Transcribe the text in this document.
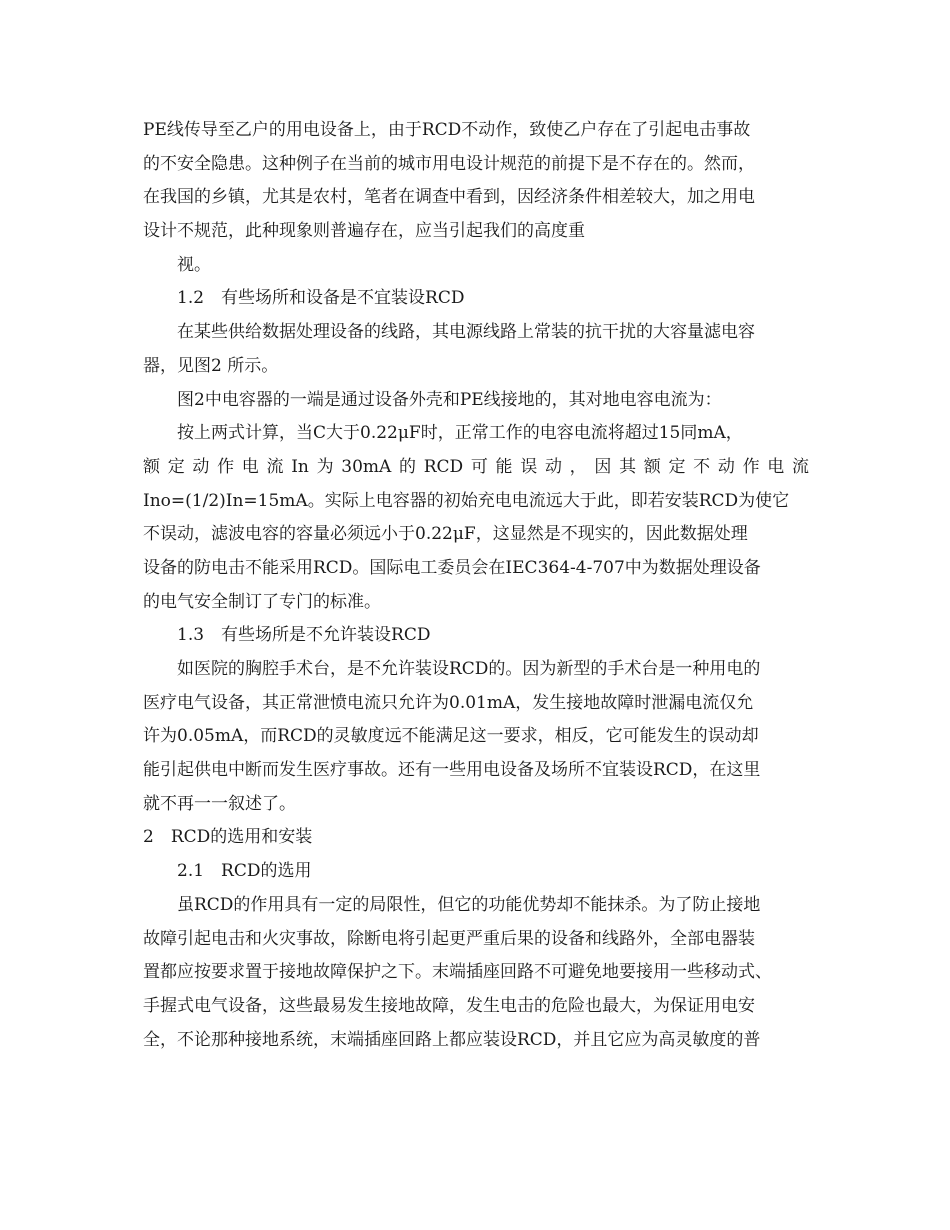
PE线传导至乙户的用电设备上，由于RCD不动作，致使乙户存在了引起电击事故
的不安全隐患。这种例子在当前的城市用电设计规范的前提下是不存在的。然而，
在我国的乡镇，尤其是农村，笔者在调查中看到，因经济条件相差较大，加之用电
设计不规范，此种现象则普遍存在，应当引起我们的高度重
视。
1.2　有些场所和设备是不宜装设RCD
在某些供给数据处理设备的线路，其电源线路上常装的抗干扰的大容量滤电容
器，见图2 所示。
图2中电容器的一端是通过设备外壳和PE线接地的，其对地电容电流为：
按上两式计算，当C大于0.22μF时，正常工作的电容电流将超过15同mA，
额定动作电流In为30mA的RCD可能误动，因其额定不动作电流
Ino=(1/2)In=15mA。实际上电容器的初始充电电流远大于此，即若安装RCD为使它
不误动，滤波电容的容量必须远小于0.22μF，这显然是不现实的，因此数据处理
设备的防电击不能采用RCD。国际电工委员会在IEC364-4-707中为数据处理设备
的电气安全制订了专门的标准。
1.3　有些场所是不允许装设RCD
如医院的胸腔手术台，是不允许装设RCD的。因为新型的手术台是一种用电的
医疗电气设备，其正常泄愤电流只允许为0.01mA，发生接地故障时泄漏电流仅允
许为0.05mA，而RCD的灵敏度远不能满足这一要求，相反，它可能发生的误动却
能引起供电中断而发生医疗事故。还有一些用电设备及场所不宜装设RCD，在这里
就不再一一叙述了。
2　RCD的选用和安装
2.1　RCD的选用
虽RCD的作用具有一定的局限性，但它的功能优势却不能抹杀。为了防止接地
故障引起电击和火灾事故，除断电将引起更严重后果的设备和线路外，全部电器装
置都应按要求置于接地故障保护之下。末端插座回路不可避免地要接用一些移动式、
手握式电气设备，这些最易发生接地故障，发生电击的危险也最大，为保证用电安
全，不论那种接地系统，末端插座回路上都应装设RCD，并且它应为高灵敏度的普
